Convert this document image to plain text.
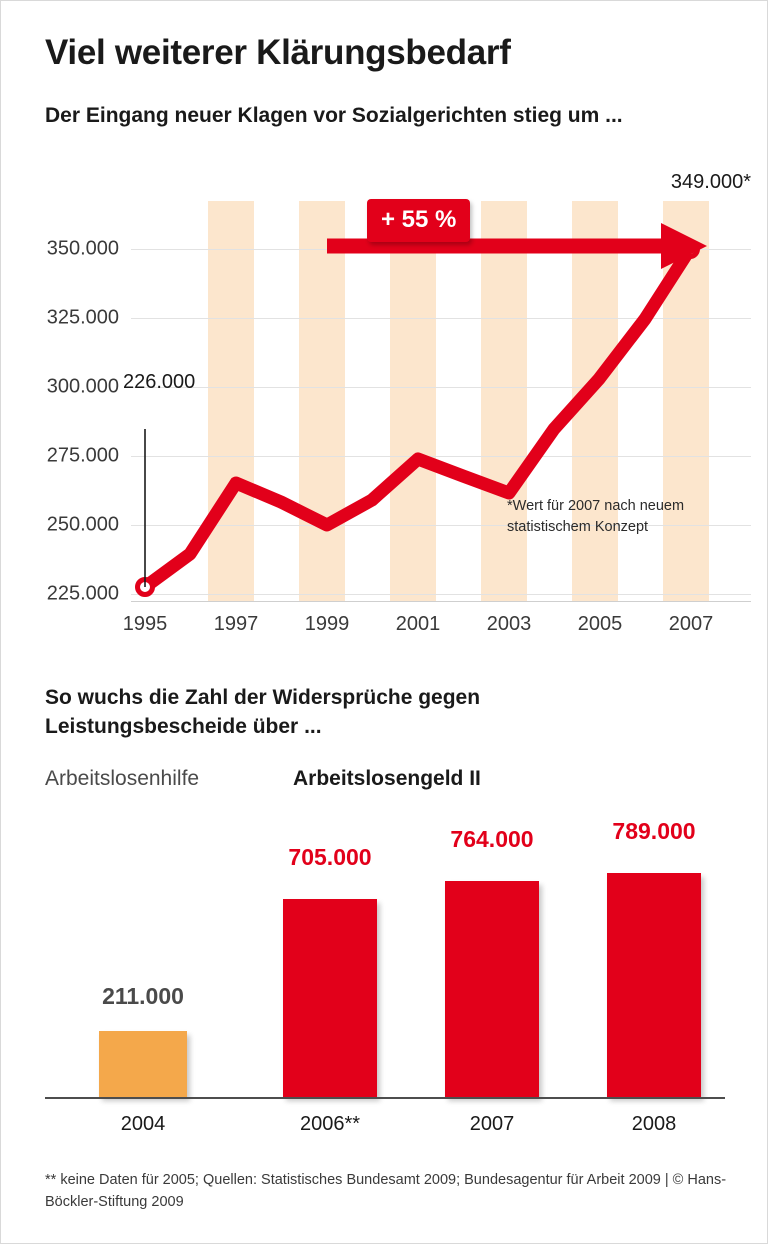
Viel weiterer Klärungsbedarf
Der Eingang neuer Klagen vor Sozialgerichten stieg um ...
350.000
325.000
300.000
275.000
250.000
225.000
+ 55 %
226.000
349.000*
*Wert für 2007 nach neuem statistischem Konzept
1995 1997 1999 2001 2003 2005 2007
So wuchs die Zahl der Widersprüche gegen Leistungsbescheide über ...
Arbeitslosenhilfe	Arbeitslosengeld II
211.000
705.000
764.000	789.000
2004	2006**	2007	2008
** keine Daten für 2005; Quellen: Statistisches Bundesamt 2009; Bundesagentur für Arbeit 2009 | © Hans-Böckler-Stiftung 2009
